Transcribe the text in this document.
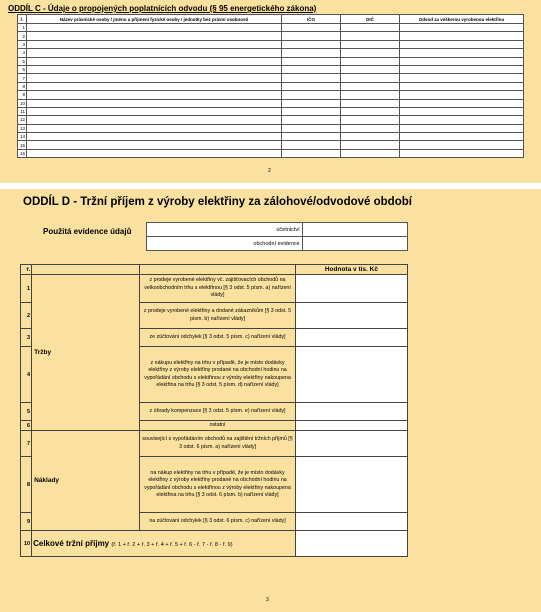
ODDÍL C - Údaje o propojených poplatnících odvodu (§ 95 energetického zákona)
ř.	Název právnické osoby / jméno a příjmení fyzické osoby / jednotky bez právní osobnosti	IČO	DIČ	Odvod za veškerou vyrobenou elektřinu
1				
2				
3				
4				
5				
6				
7				
8				
9				
10				
11				
12				
13				
14				
15				
16				
2
ODDÍL D - Tržní příjem z výroby elektřiny za zálohové/odvodové období
Použitá evidence údajů	účetnictví	
obchodní evidence	
ř.			Hodnota v tis. Kč
1	Tržby	z prodeje vyrobené elektřiny vč. zajišťovacích obchodů na velkoobchodním trhu s elektřinou [§ 3 odst. 5 písm. a) nařízení vlády]	
2		z prodeje vyrobené elektřiny a dodané zákazníkům [§ 3 odst. 5 písm. b) nařízení vlády]	
3		ze zúčtování odchylek [§ 3 odst. 5 písm. c) nařízení vlády]	
4		z nákupu elektřiny na trhu v případě, že je místo dodávky elektřiny z výroby elektřiny prodané na obchodní hodinu na vypořádání obchodu s elektřinou z výroby elektřiny nakoupena elektřina na trhu [§ 3 odst. 5 písm. d) nařízení vlády]	
5		z úhrady kompenzace [§ 3 odst. 5 písm. e) nařízení vlády]	
6		ostatní	
7	Náklady	související s vypořádáním obchodů na zajištění tržních příjmů [§ 3 odst. 6 písm. a) nařízení vlády]	
8		na nákup elektřiny na trhu v případě, že je místo dodávky elektřiny z výroby elektřiny prodané na obchodní hodinu na vypořádání obchodu s elektřinou z výroby elektřiny nakoupena elektřina na trhu [§ 3 odst. 6 písm. b) nařízení vlády]	
9		na zúčtování odchylek [§ 3 odst. 6 písm. c) nařízení vlády]	
10	Celkové tržní příjmy (ř. 1 + ř. 2 + ř. 3 + ř. 4 + ř. 5 + ř. 6 - ř. 7 - ř. 8 - ř. 9)		
3
